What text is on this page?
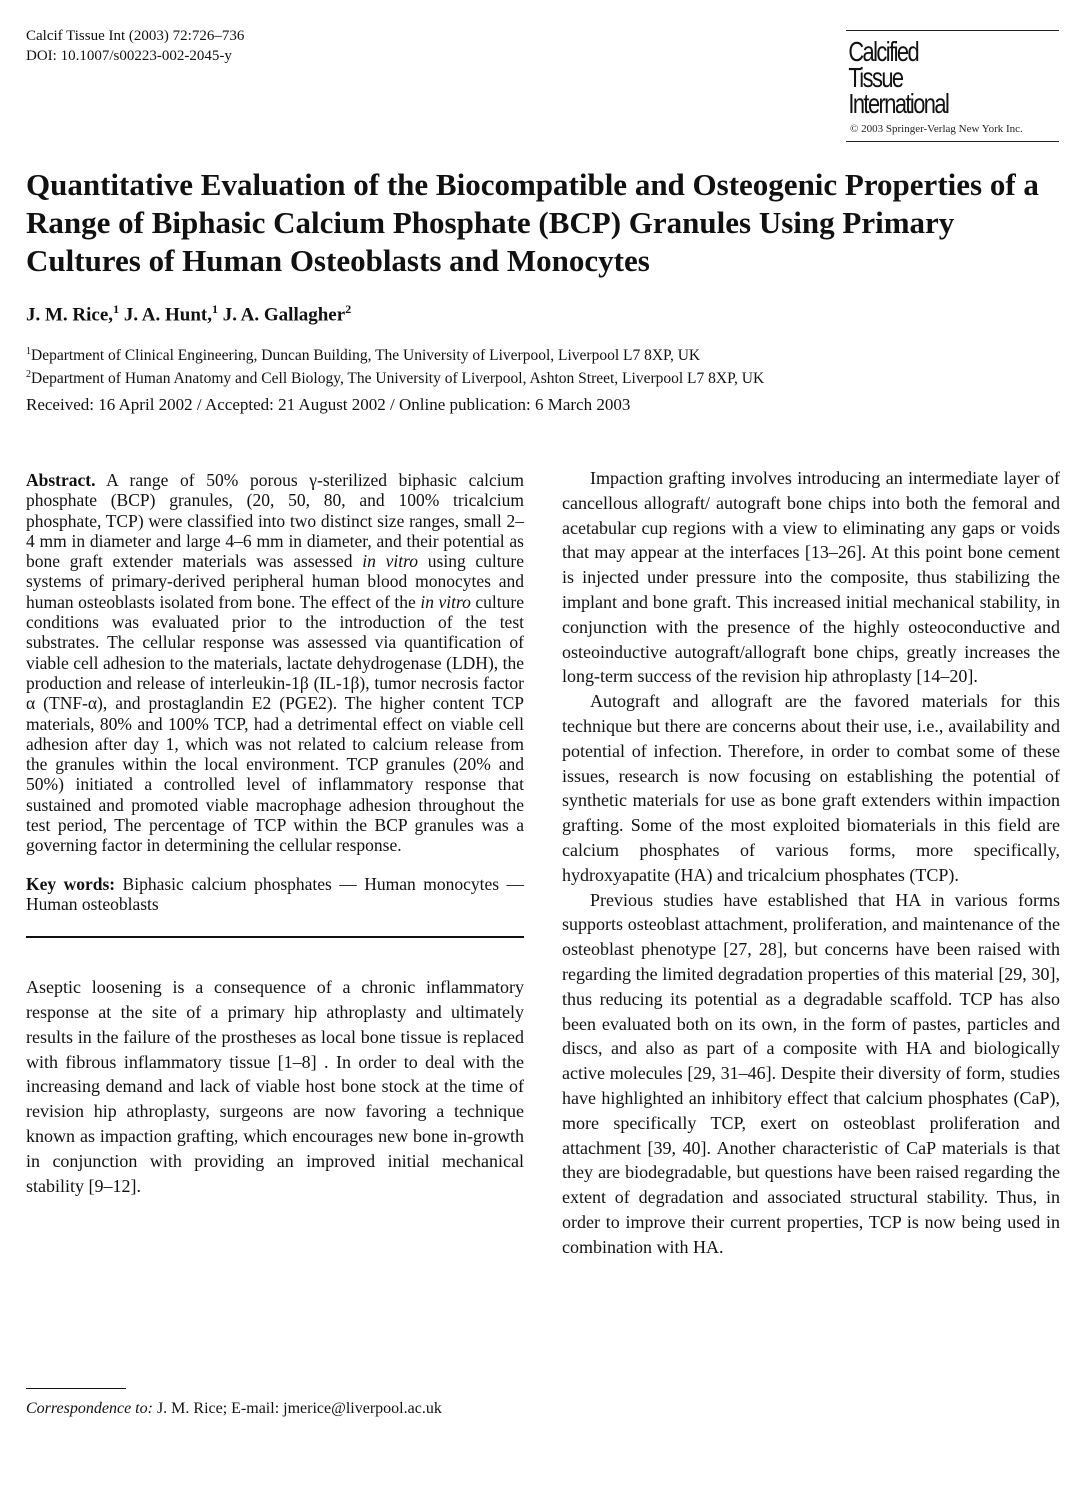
Calcif Tissue Int (2003) 72:726–736
DOI: 10.1007/s00223-002-2045-y	Calcified
Tissue
International
© 2003 Springer-Verlag New York Inc.
Quantitative Evaluation of the Biocompatible and Osteogenic Properties of a Range of Biphasic Calcium Phosphate (BCP) Granules Using Primary Cultures of Human Osteoblasts and Monocytes
J. M. Rice,$^1$ J. A. Hunt,$^1$ J. A. Gallagher$^2$
$^1$Department of Clinical Engineering, Duncan Building, The University of Liverpool, Liverpool L7 8XP, UK
$^2$Department of Human Anatomy and Cell Biology, The University of Liverpool, Ashton Street, Liverpool L7 8XP, UK
Received: 16 April 2002 / Accepted: 21 August 2002 / Online publication: 6 March 2003

Abstract. A range of 50% porous γ-sterilized biphasic calcium phosphate (BCP) granules, (20, 50, 80, and 100% tricalcium phosphate, TCP) were classified into two distinct size ranges, small 2–4 mm in diameter and large 4–6 mm in diameter, and their potential as bone graft extender materials was assessed in vitro using culture systems of primary-derived peripheral human blood monocytes and human osteoblasts isolated from bone. The effect of the in vitro culture conditions was evaluated prior to the introduction of the test substrates. The cellular response was assessed via quantification of viable cell adhesion to the materials, lactate dehydrogenase (LDH), the production and release of interleukin-1β (IL-1β), tumor necrosis factor α (TNF-α), and prostaglandin E2 (PGE2). The higher content TCP materials, 80% and 100% TCP, had a detrimental effect on viable cell adhesion after day 1, which was not related to calcium release from the granules within the local environment. TCP granules (20% and 50%) initiated a controlled level of inflammatory response that sustained and promoted viable macrophage adhesion throughout the test period, The percentage of TCP within the BCP granules was a governing factor in determining the cellular response.

Key words: Biphasic calcium phosphates — Human monocytes — Human osteoblasts

Aseptic loosening is a consequence of a chronic inflammatory response at the site of a primary hip athroplasty and ultimately results in the failure of the prostheses as local bone tissue is replaced with fibrous inflammatory tissue [1–8] . In order to deal with the increasing demand and lack of viable host bone stock at the time of revision hip athroplasty, surgeons are now favoring a technique known as impaction grafting, which encourages new bone in-growth in conjunction with providing an improved initial mechanical stability [9–12].

Correspondence to: J. M. Rice; E-mail: jmerice@liverpool.ac.uk

Impaction grafting involves introducing an intermediate layer of cancellous allograft/ autograft bone chips into both the femoral and acetabular cup regions with a view to eliminating any gaps or voids that may appear at the interfaces [13–26]. At this point bone cement is injected under pressure into the composite, thus stabilizing the implant and bone graft. This increased initial mechanical stability, in conjunction with the presence of the highly osteoconductive and osteoinductive autograft/allograft bone chips, greatly increases the long-term success of the revision hip athroplasty [14–20].

Autograft and allograft are the favored materials for this technique but there are concerns about their use, i.e., availability and potential of infection. Therefore, in order to combat some of these issues, research is now focusing on establishing the potential of synthetic materials for use as bone graft extenders within impaction grafting. Some of the most exploited biomaterials in this field are calcium phosphates of various forms, more specifically, hydroxyapatite (HA) and tricalcium phosphates (TCP).

Previous studies have established that HA in various forms supports osteoblast attachment, proliferation, and maintenance of the osteoblast phenotype [27, 28], but concerns have been raised with regarding the limited degradation properties of this material [29, 30], thus reducing its potential as a degradable scaffold. TCP has also been evaluated both on its own, in the form of pastes, particles and discs, and also as part of a composite with HA and biologically active molecules [29, 31–46]. Despite their diversity of form, studies have highlighted an inhibitory effect that calcium phosphates (CaP), more specifically TCP, exert on osteoblast proliferation and attachment [39, 40]. Another characteristic of CaP materials is that they are biodegradable, but questions have been raised regarding the extent of degradation and associated structural stability. Thus, in order to improve their current properties, TCP is now being used in combination with HA.
